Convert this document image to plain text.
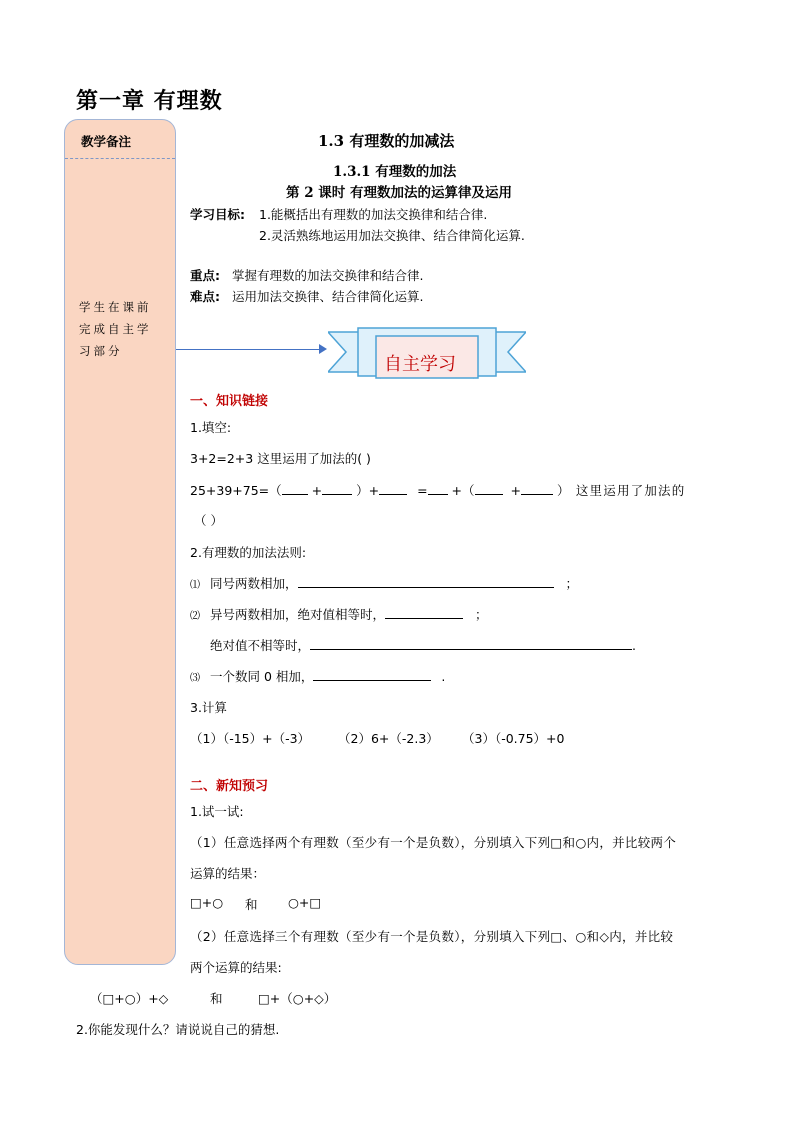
第一章 有理数
教学备注
学生在课前完成自主学习部分
1.3 有理数的加减法
1.3.1 有理数的加法
第 2 课时 有理数加法的运算律及运用
学习目标: 1.能概括出有理数的加法交换律和结合律.
2.灵活熟练地运用加法交换律、结合律简化运算.
重点: 掌握有理数的加法交换律和结合律.
难点: 运用加法交换律、结合律简化运算.
自主学习
一、知识链接
1.填空:
3+2=2+3 这里运用了加法的( )
25+39+75=（ +	）+	= +（	+	） 这里运用了加法的
（ ）
2.有理数的加法法则:
⑴ 同号两数相加，	；
⑵ 异号两数相加，绝对值相等时，	；
绝对值不相等时，	.
⑶ 一个数同 0 相加，	.
3.计算
（1）（-15）+（-3） （2）6+（-2.3） （3）（-0.75）+0
二、新知预习
1.试一试:
（1）任意选择两个有理数（至少有一个是负数），分别填入下列□和○内，并比较两个
运算的结果：
□+○ 和 ○+□
（2）任意选择三个有理数（至少有一个是负数），分别填入下列□、○和◇内，并比较
两个运算的结果:
（□+○）+◇	和	□+（○+◇）
2.你能发现什么？请说说自己的猜想.
